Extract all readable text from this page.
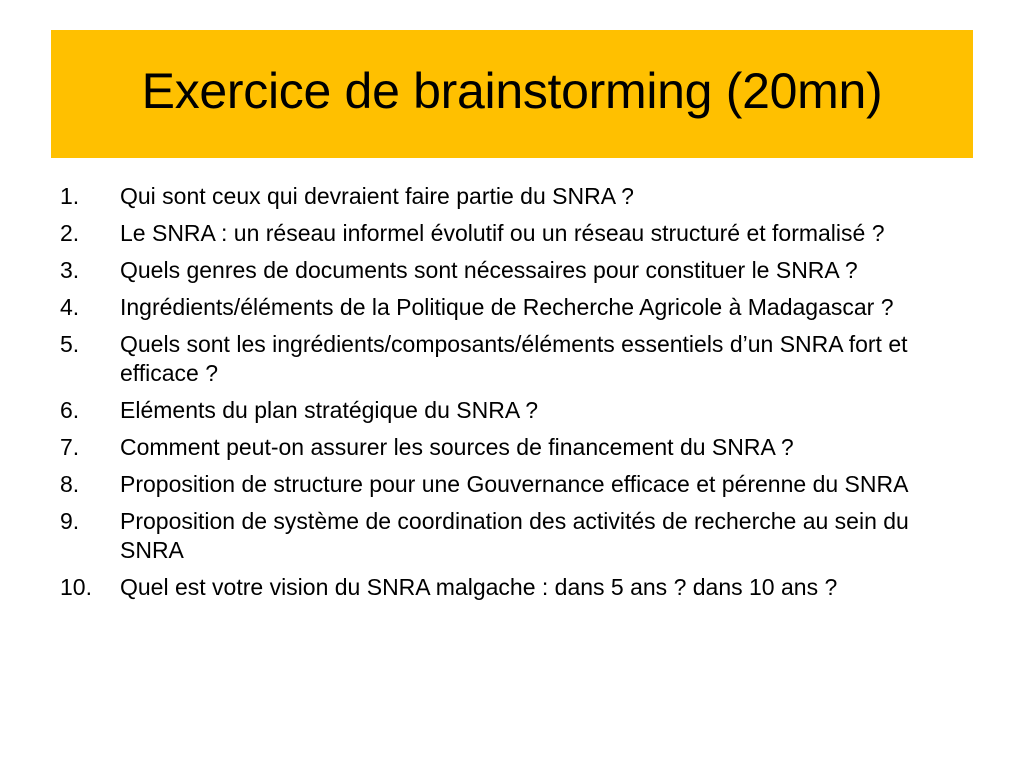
Exercice de brainstorming (20mn)
1.	Qui sont ceux qui devraient faire partie du SNRA ?
2.	Le SNRA : un réseau informel évolutif ou un réseau structuré et formalisé ?
3.	Quels genres de documents sont nécessaires pour constituer le SNRA ?
4.	Ingrédients/éléments de la Politique de Recherche Agricole à Madagascar ?
5.	Quels sont les ingrédients/composants/éléments essentiels d’un SNRA fort et efficace ?
6.	Eléments du plan stratégique du SNRA ?
7.	Comment peut-on assurer les sources de financement du SNRA ?
8.	Proposition de structure pour une Gouvernance efficace et pérenne du SNRA
9.	Proposition de système de coordination des activités de recherche au sein du SNRA
10.	Quel est votre vision du SNRA malgache : dans 5 ans ? dans 10 ans ?
